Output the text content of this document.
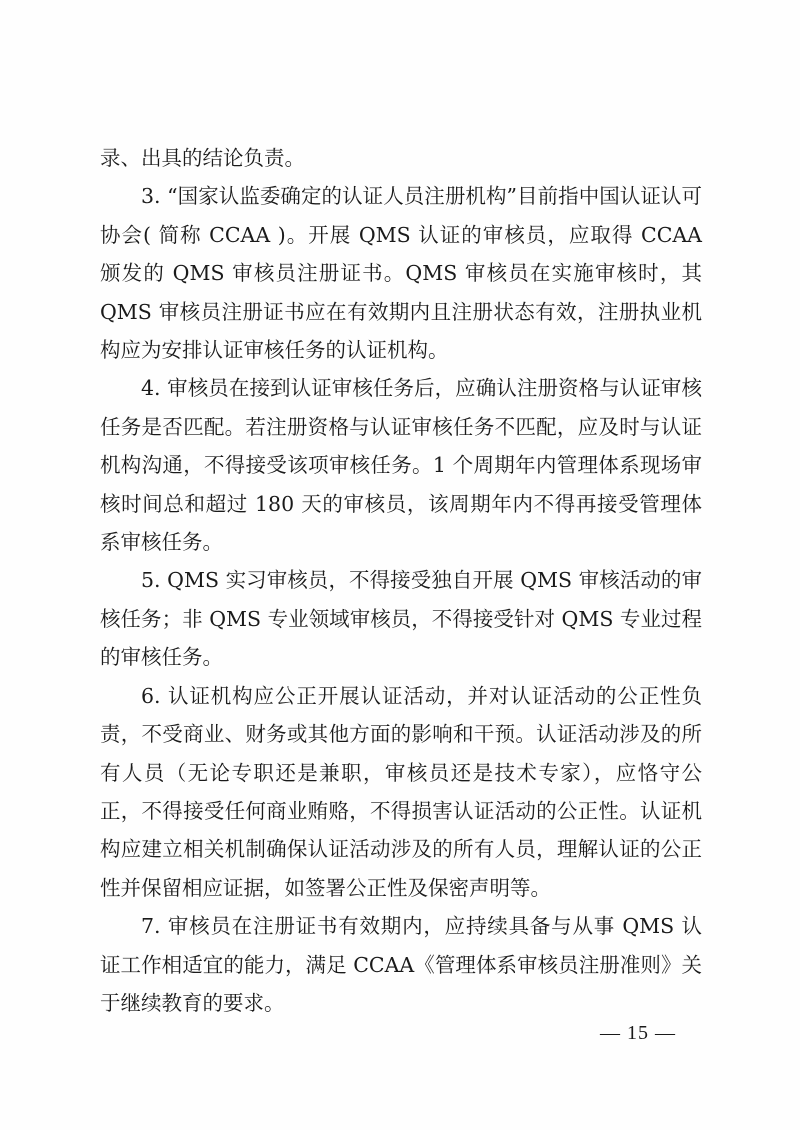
录、出具的结论负责。

3. “国家认监委确定的认证人员注册机构”目前指中国认证认可协会( 简称 CCAA )。开展 QMS 认证的审核员，应取得 CCAA 颁发的 QMS 审核员注册证书。QMS 审核员在实施审核时，其 QMS 审核员注册证书应在有效期内且注册状态有效，注册执业机构应为安排认证审核任务的认证机构。

4. 审核员在接到认证审核任务后，应确认注册资格与认证审核任务是否匹配。若注册资格与认证审核任务不匹配，应及时与认证机构沟通，不得接受该项审核任务。1 个周期年内管理体系现场审核时间总和超过 180 天的审核员，该周期年内不得再接受管理体系审核任务。

5. QMS 实习审核员，不得接受独自开展 QMS 审核活动的审核任务；非 QMS 专业领域审核员，不得接受针对 QMS 专业过程的审核任务。

6. 认证机构应公正开展认证活动，并对认证活动的公正性负责，不受商业、财务或其他方面的影响和干预。认证活动涉及的所有人员（无论专职还是兼职，审核员还是技术专家），应恪守公正，不得接受任何商业贿赂，不得损害认证活动的公正性。认证机构应建立相关机制确保认证活动涉及的所有人员，理解认证的公正性并保留相应证据，如签署公正性及保密声明等。

7. 审核员在注册证书有效期内，应持续具备与从事 QMS 认证工作相适宜的能力，满足 CCAA《管理体系审核员注册准则》关于继续教育的要求。

— 15 —
